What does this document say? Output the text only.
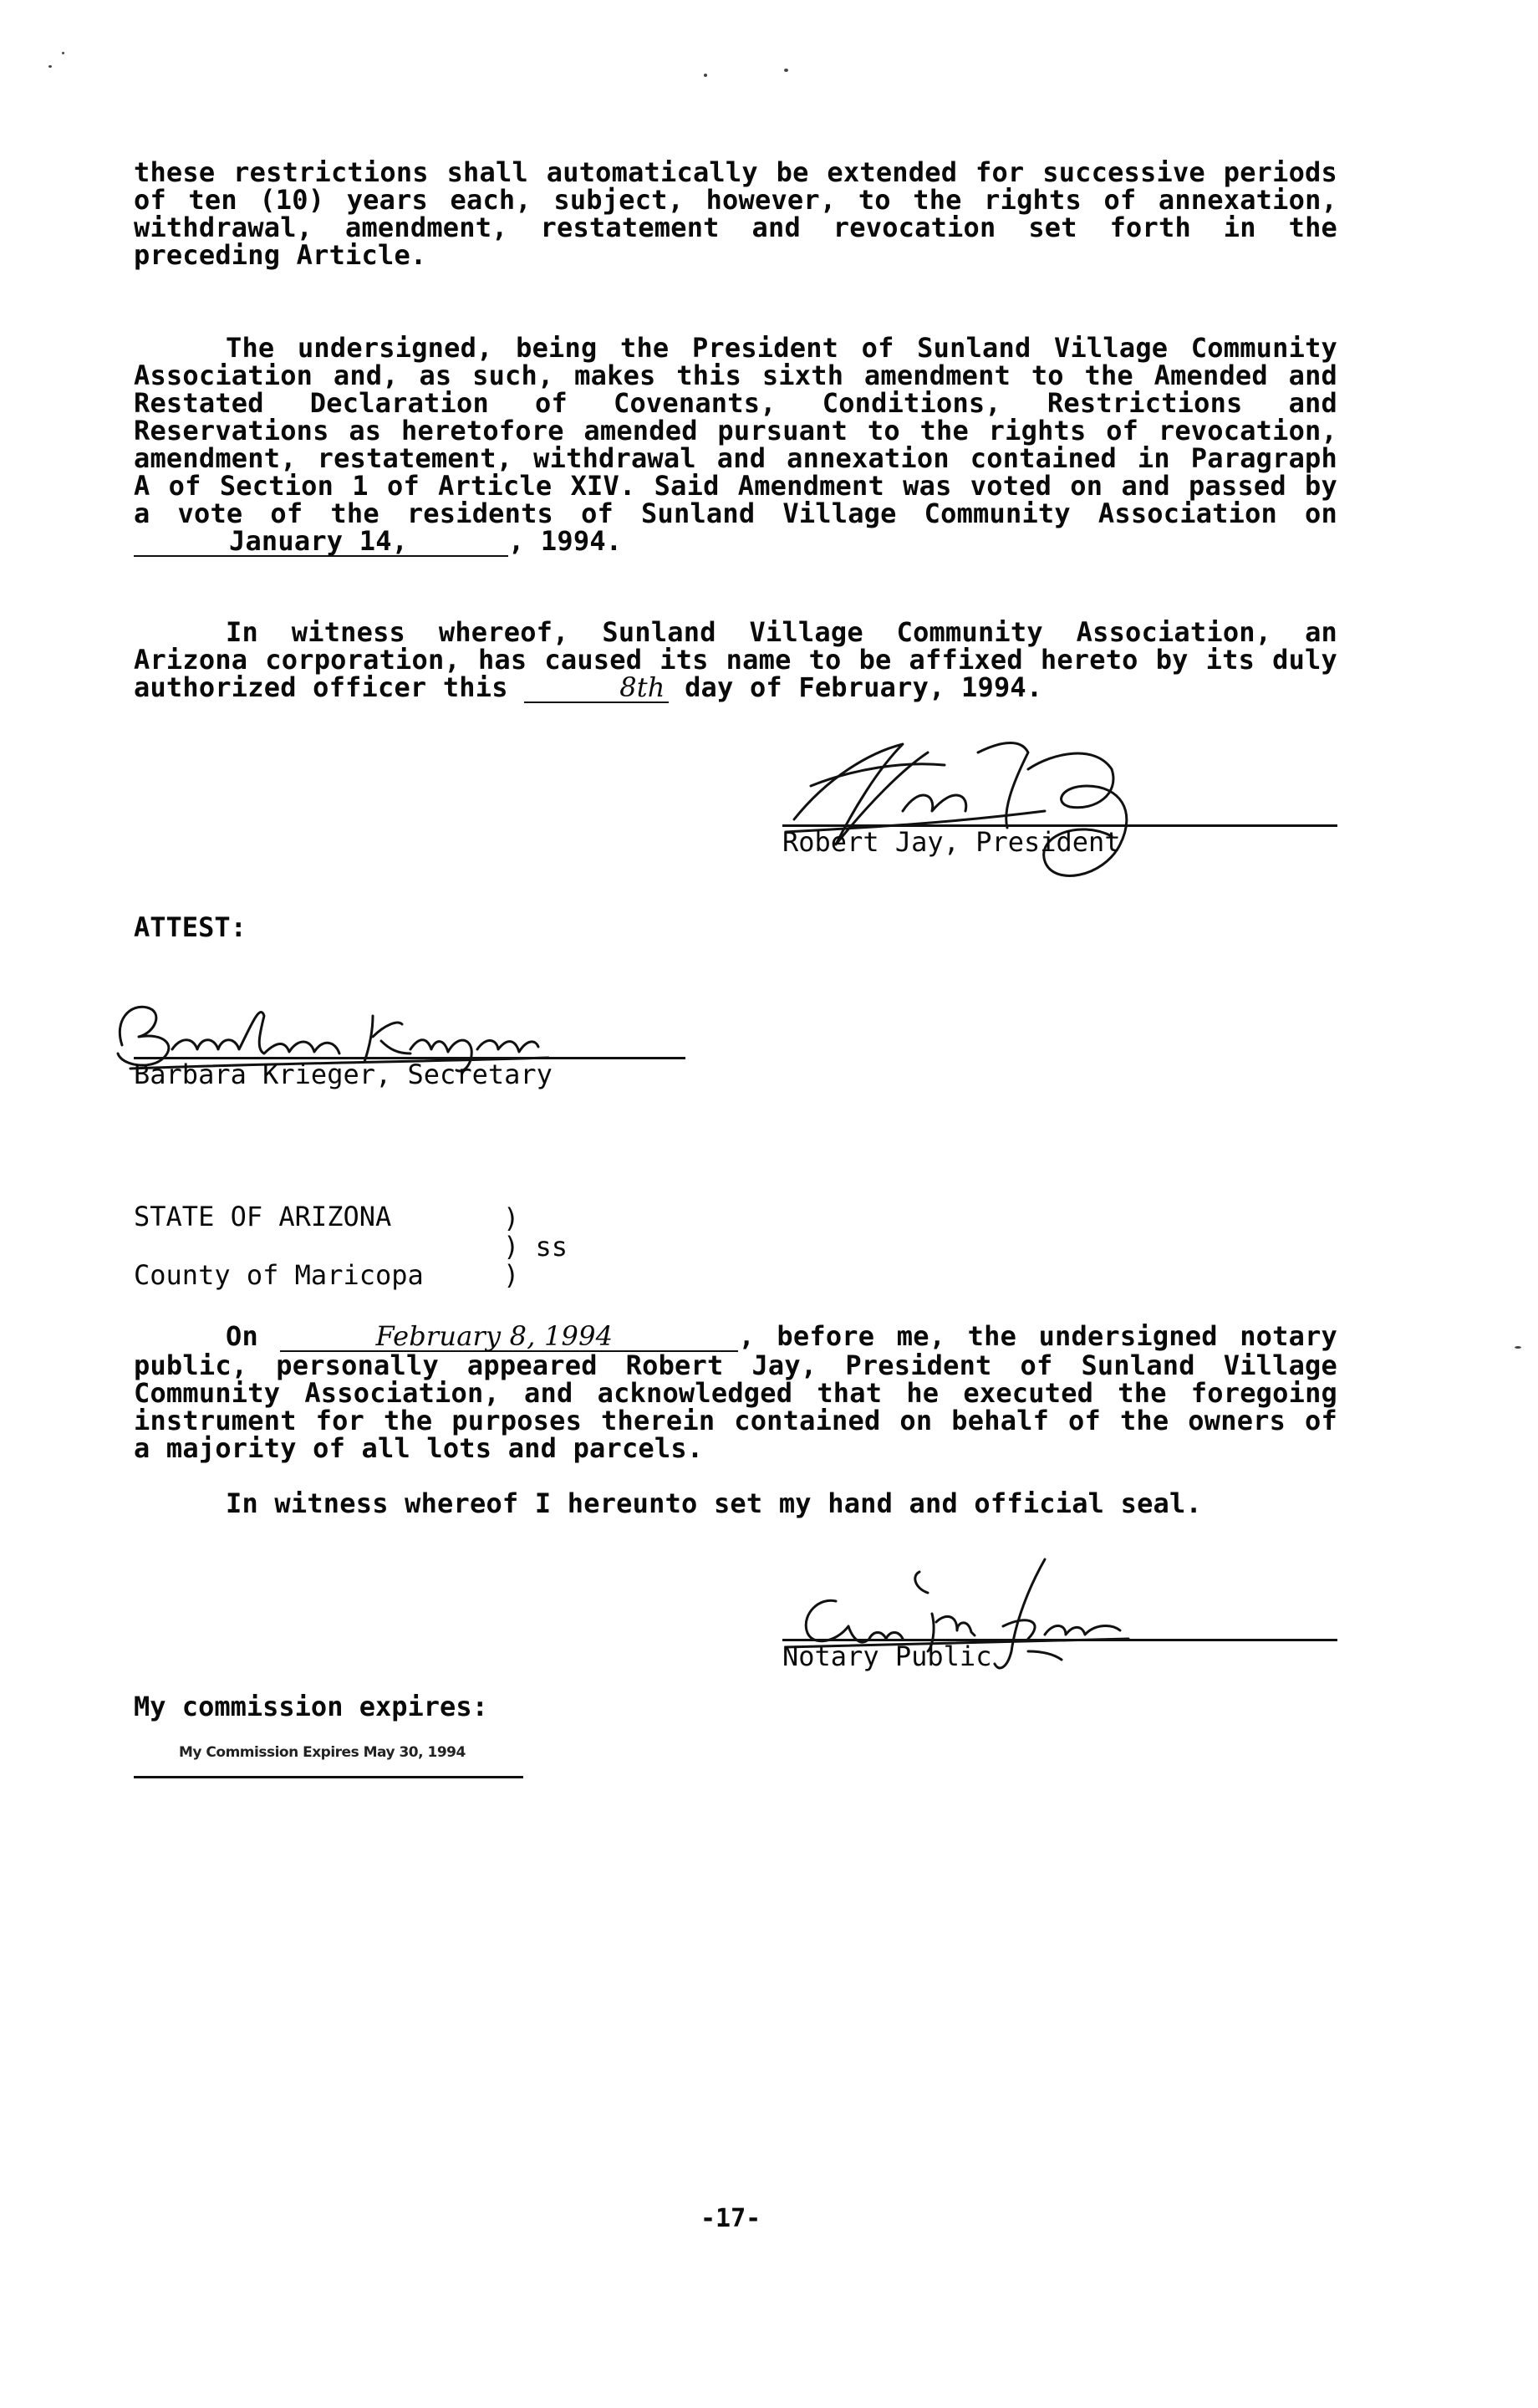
these restrictions shall automatically be extended for successive periods of ten (10) years each, subject, however, to the rights of annexation, withdrawal, amendment, restatement and revocation set forth in the preceding Article.
The undersigned, being the President of Sunland Village Community Association and, as such, makes this sixth amendment to the Amended and Restated Declaration of Covenants, Conditions, Restrictions and Reservations as heretofore amended pursuant to the rights of revocation, amendment, restatement, withdrawal and annexation contained in Paragraph A of Section 1 of Article XIV. Said Amendment was voted on and passed by a vote of the residents of Sunland Village Community Association on January 14,	, 1994.
In witness whereof, Sunland Village Community Association, an Arizona corporation, has caused its name to be affixed hereto by its duly authorized officer this	8th day of February, 1994.
Robert Jay, President
ATTEST:
Barbara Krieger, Secretary
STATE OF ARIZONA	)
) ss
County of Maricopa	)
On	February 8, 1994	, before me, the undersigned notary public, personally appeared Robert Jay, President of Sunland Village Community Association, and acknowledged that he executed the foregoing instrument for the purposes therein contained on behalf of the owners of a majority of all lots and parcels.
In witness whereof I hereunto set my hand and official seal.
Notary Public
My commission expires:
My Commission Expires May 30, 1994
-17-
